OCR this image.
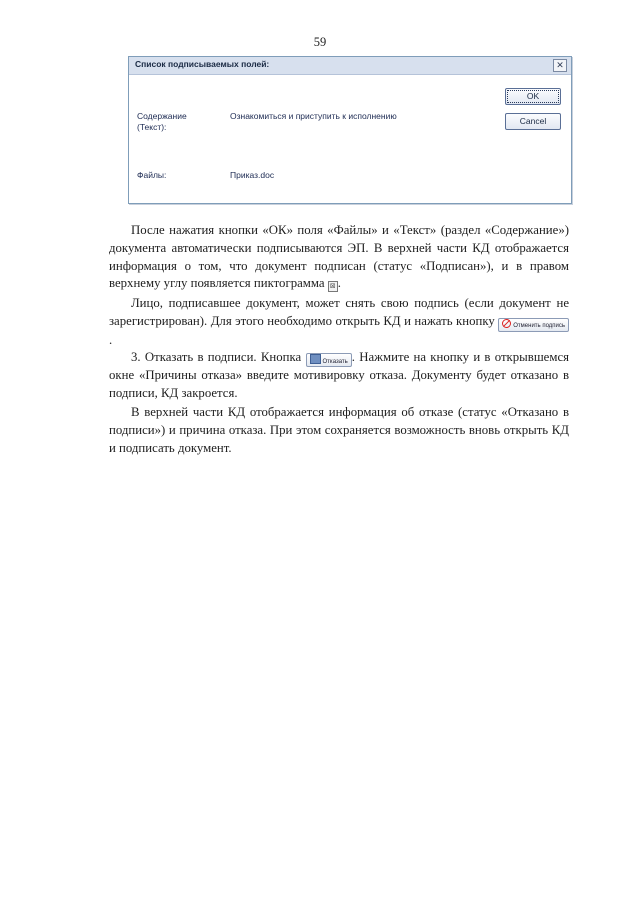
59
Список подписываемых полей:	✕
Содержание (Текст):
Ознакомиться и приступить к исполнению
Файлы:	Приказ.doc
OK
Cancel

После нажатия кнопки «ОК» поля «Файлы» и «Текст» (раздел «Содержание») документа автоматически подписываются ЭП. В верхней части КД отображается информация о том, что документ подписан (статус «Подписан»), и в правом верхнему углу появляется пиктограмма ⊠ .

Лицо, подписавшее документ, может снять свою подпись (если документ не зарегистрирован). Для этого необходимо открыть КД и нажать кнопку	Отменить подпись.

3. Отказать в подписи. Кнопка	Отказать . Нажмите на кнопку и в открывшемся окне «Причины отказа» введите мотивировку отказа. Документу будет отказано в подписи, КД закроется.

В верхней части КД отображается информация об отказе (статус «Отказано в подписи») и причина отказа. При этом сохраняется возможность вновь открыть КД и подписать документ.
